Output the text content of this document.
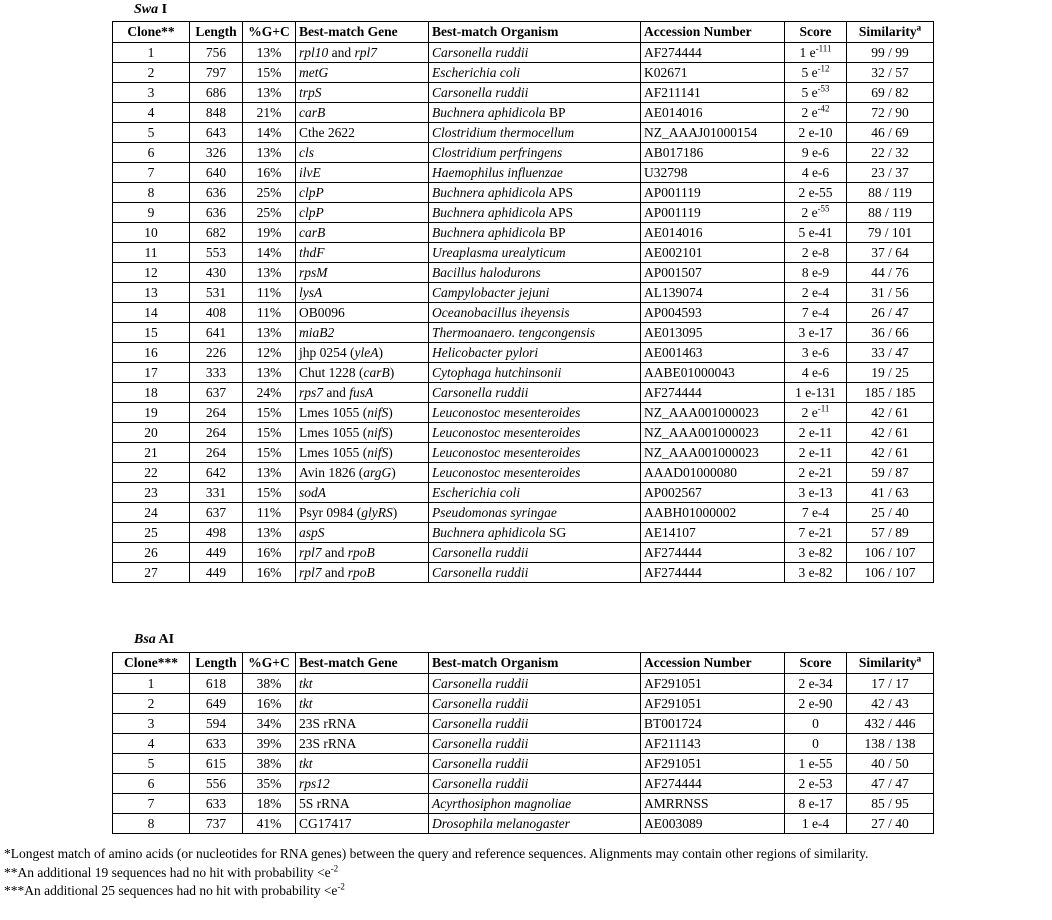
Swa I
Clone**	Length	%G+C	Best-match Gene	Best-match Organism	Accession Number	Score	Similarity$^a$
1	756	13%	rpl10 and rpl7	Carsonella ruddii	AF274444	1 $e^{-111}$	99 / 99
2	797	15%	metG	Escherichia coli	K02671	5 $e^{-12}$	32 / 57
3	686	13%	trpS	Carsonella ruddii	AF211141	5 $e^{-53}$	69 / 82
4	848	21%	carB	Buchnera aphidicola BP	AE014016	2 $e^{-42}$	72 / 90
5	643	14%	Cthe 2622	Clostridium thermocellum	NZ_AAAJ01000154	2 e-10	46 / 69
6	326	13%	cls	Clostridium perfringens	AB017186	9 e-6	22 / 32
7	640	16%	ilvE	Haemophilus influenzae	U32798	4 e-6	23 / 37
8	636	25%	clpP	Buchnera aphidicola APS	AP001119	2 e-55	88 / 119
9	636	25%	clpP	Buchnera aphidicola APS	AP001119	2 $e^{-55}$	88 / 119
10	682	19%	carB	Buchnera aphidicola BP	AE014016	5 e-41	79 / 101
11	553	14%	thdF	Ureaplasma urealyticum	AE002101	2 e-8	37 / 64
12	430	13%	rpsM	Bacillus halodurons	AP001507	8 e-9	44 / 76
13	531	11%	lysA	Campylobacter jejuni	AL139074	2 e-4	31 / 56
14	408	11%	OB0096	Oceanobacillus iheyensis	AP004593	7 e-4	26 / 47
15	641	13%	miaB2	Thermoanaero. tengcongensis	AE013095	3 e-17	36 / 66
16	226	12%	jhp 0254 (yleA)	Helicobacter pylori	AE001463	3 e-6	33 / 47
17	333	13%	Chut 1228 (carB)	Cytophaga hutchinsonii	AABE01000043	4 e-6	19 / 25
18	637	24%	rps7 and fusA	Carsonella ruddii	AF274444	1 e-131	185 / 185
19	264	15%	Lmes 1055 (nifS)	Leuconostoc mesenteroides	NZ_AAA001000023	2 $e^{-11}$	42 / 61
20	264	15%	Lmes 1055 (nifS)	Leuconostoc mesenteroides	NZ_AAA001000023	2 e-11	42 / 61
21	264	15%	Lmes 1055 (nifS)	Leuconostoc mesenteroides	NZ_AAA001000023	2 e-11	42 / 61
22	642	13%	Avin 1826 (argG)	Leuconostoc mesenteroides	AAAD01000080	2 e-21	59 / 87
23	331	15%	sodA	Escherichia coli	AP002567	3 e-13	41 / 63
24	637	11%	Psyr 0984 (glyRS)	Pseudomonas syringae	AABH01000002	7 e-4	25 / 40
25	498	13%	aspS	Buchnera aphidicola SG	AE14107	7 e-21	57 / 89
26	449	16%	rpl7 and rpoB	Carsonella ruddii	AF274444	3 e-82	106 / 107
27	449	16%	rpl7 and rpoB	Carsonella ruddii	AF274444	3 e-82	106 / 107
Bsa AI
Clone***	Length	%G+C	Best-match Gene	Best-match Organism	Accession Number	Score	Similarity$^a$
1	618	38%	tkt	Carsonella ruddii	AF291051	2 e-34	17 / 17
2	649	16%	tkt	Carsonella ruddii	AF291051	2 e-90	42 / 43
3	594	34%	23S rRNA	Carsonella ruddii	BT001724	0	432 / 446
4	633	39%	23S rRNA	Carsonella ruddii	AF211143	0	138 / 138
5	615	38%	tkt	Carsonella ruddii	AF291051	1 e-55	40 / 50
6	556	35%	rps12	Carsonella ruddii	AF274444	2 e-53	47 / 47
7	633	18%	5S rRNA	Acyrthosiphon magnoliae	AMRRNSS	8 e-17	85 / 95
8	737	41%	CG17417	Drosophila melanogaster	AE003089	1 e-4	27 / 40
*Longest match of amino acids (or nucleotides for RNA genes) between the query and reference sequences. Alignments may contain other regions of similarity.
**An additional 19 sequences had no hit with probability $<e^{-2}$
***An additional 25 sequences had no hit with probability $<e^{-2}$
